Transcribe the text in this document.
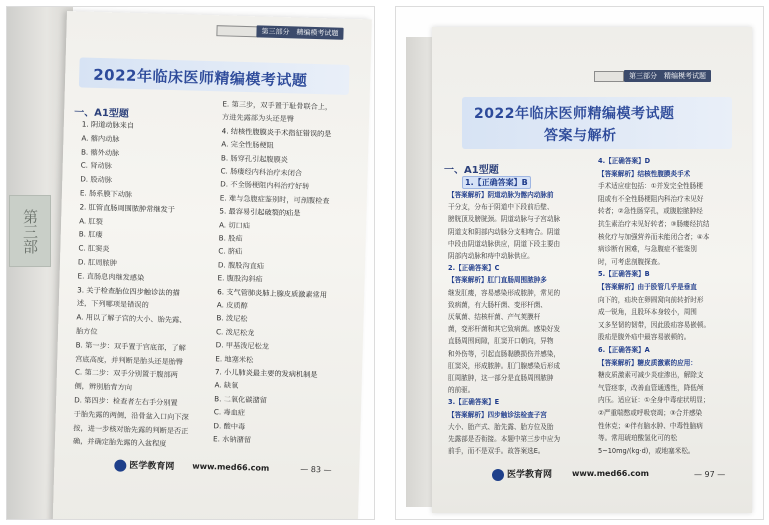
第三部
第三部分　精编模考试题
2022年临床医师精编模考试题
一、A1型题
1. 阴道动脉来自
A. 髂内动脉
B. 髂外动脉
C. 肾动脉
D. 股动脉
E. 肠系膜下动脉
2. 肛管直肠周围脓肿常继发于
A. 肛裂
B. 肛瘘
C. 肛窦炎
D. 肛周脓肿
E. 直肠息肉继发感染
3. 关于检查胎位四步触诊法的描
述，下列哪项是错误的
A. 用以了解子宫的大小、胎先露、
胎方位
B. 第一步：双手置于宫底部，了解
宫底高度，并判断是胎头还是胎臀
C. 第二步：双手分别置于腹部两
侧，辨别胎背方向
D. 第四步：检查者左右手分别置
于胎先露的两侧，沿骨盆入口向下深
按，进一步核对胎先露的判断是否正
确，并确定胎先露的入盆程度
E. 第三步，双手置于耻骨联合上，
方进先露部为头还是臀
4. 结核性腹膜炎手术指征错误的是
A. 完全性肠梗阻
B. 肠穿孔引起腹膜炎
C. 肠瘘经内科治疗未闭合
D. 不全肠梗阻内科治疗好转
E. 难与急腹症鉴别时，可剖腹检查
5. 最容易引起破裂的疝是
A. 切口疝
B. 股疝
C. 脐疝
D. 腹股沟直疝
E. 腹股沟斜疝
6. 支气管肺炎肺上腺皮质激素常用
A. 皮质醇
B. 泼尼松
C. 泼尼松龙
D. 甲基泼尼松龙
E. 地塞米松
7. 小儿肺炎最主要的发病机制是
A. 缺氧
B. 二氧化碳潴留
C. 毒血症
D. 酸中毒
E. 水钠潴留
医学教育网 www.med66.com	— 83 —
第三部分　精编模考试题
2022年临床医师精编模考试题
答案与解析
一、A1型题
1.【正确答案】B
【答案解析】阴道动脉为髂内动脉前
干分支，分布于阴道中下段前后壁、
膀胱顶及膀胱颈。阴道动脉与子宫动脉
阴道支和阴部内动脉分支相吻合。阴道
中段由阴道动脉供应，阴道下段主要由
阴部内动脉和痔中动脉供应。
2.【正确答案】C
【答案解析】肛门直肠周围脓肿多
继发肛瘘，容易感染形成脓肿，常见的
致病菌，有大肠杆菌、变形杆菌、
厌氧菌、结核杆菌、产气荚膜杆
菌，变形杆菌和其它致病菌。感染好发
直肠周围间隙，肛窦开口朝向，异物
和外伤等，引起直肠黏膜损伤并感染，
肛窦炎，形成脓肿。肛门腺感染后形成
肛周脓肿，这一部分是直肠周围脓肿
的前驱。
3.【正确答案】E
【答案解析】四步触诊法检查子宫
大小、胎产式、胎先露、胎方位及胎
先露部是否衔接。本题中第三步中应为
前手，而不是双手。故答案选E。
4.【正确答案】D
【答案解析】结核性腹膜炎手术
手术适应症包括：①并发完全性肠梗
阻或有不全性肠梗阻内科治疗未见好
转者；②急性肠穿孔，或腹腔脓肿经
抗生素治疗未见好转者；③肠瘘经抗结
核化疗与加强营养而未能闭合者；④本
病诊断有困难，与急腹症不能鉴别
时，可考虑剖腹探查。
5.【正确答案】B
【答案解析】由于股管几乎是垂直
向下的，疝块在卵圆窝向前转折时形
成一锐角，且股环本身较小，周围
又多坚韧的韧带，因此股疝容易嵌顿。
股疝是腹外疝中最容易嵌顿的。
6.【正确答案】A
【答案解析】糖皮质激素的应用：
糖皮质激素可减少炎症渗出，解除支
气管痉挛，改善血管通透性，降低颅
内压。适应证：①全身中毒症状明显；
②严重喘憋或呼吸衰竭；③合并感染
性休克；④伴有脑水肿、中毒性脑病
等。常用琥珀酸氢化可的松
5~10mg/(kg·d)，或地塞米松。
医学教育网 www.med66.com	— 97 —
